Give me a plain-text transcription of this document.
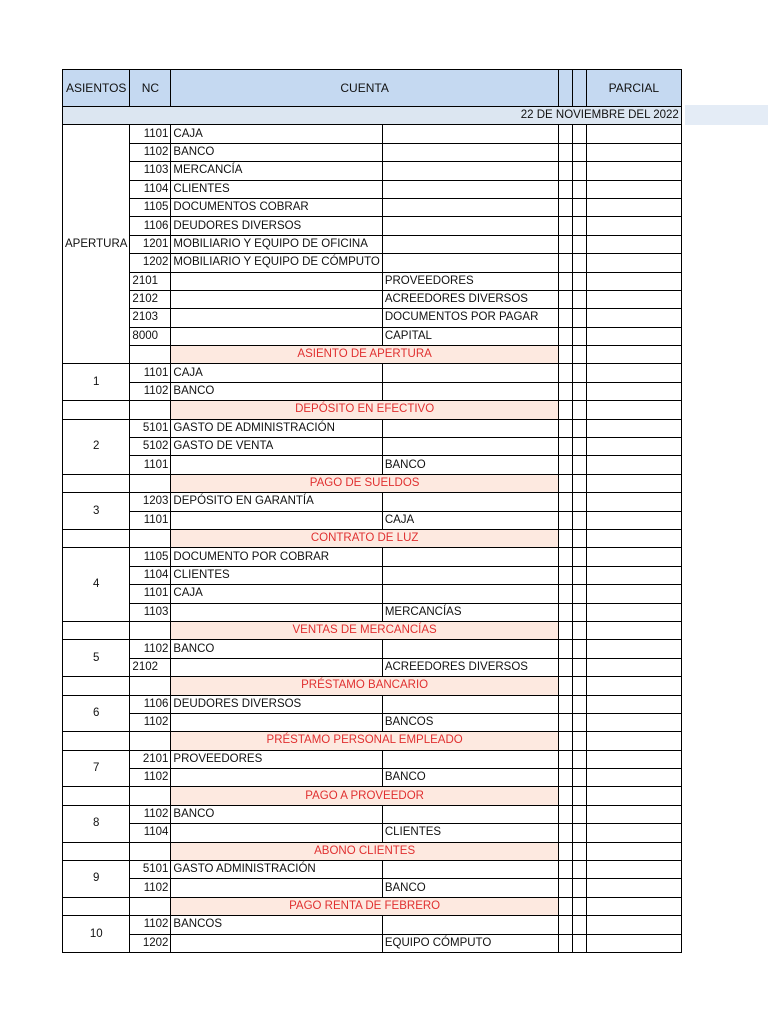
ASIENTOS	NC	CUENTA				PARCIAL
22 DE NOVIEMBRE DEL 2022						
APERTURA	1101	CAJA				
	1102	BANCO				
	1103	MERCANCÍA				
	1104	CLIENTES				
	1105	DOCUMENTOS COBRAR				
	1106	DEUDORES DIVERSOS				
	1201	MOBILIARIO Y EQUIPO DE OFICINA				
	1202	MOBILIARIO Y EQUIPO DE CÓMPUTO				
	2101		PROVEEDORES			
	2102		ACREEDORES DIVERSOS			
	2103		DOCUMENTOS POR PAGAR			
	8000		CAPITAL			
		ASIENTO DE APERTURA				
1	1101	CAJA				
	1102	BANCO				
		DEPÓSITO EN EFECTIVO				
2	5101	GASTO DE ADMINISTRACIÓN				
	5102	GASTO DE VENTA				
	1101		BANCO			
		PAGO DE SUELDOS				
3	1203	DEPÓSITO EN GARANTÍA				
	1101		CAJA			
		CONTRATO DE LUZ				
4	1105	DOCUMENTO POR COBRAR				
	1104	CLIENTES				
	1101	CAJA				
	1103		MERCANCÍAS			
		VENTAS DE MERCANCÍAS				
5	1102	BANCO				
	2102		ACREEDORES DIVERSOS			
		PRÉSTAMO BANCARIO				
6	1106	DEUDORES DIVERSOS				
	1102		BANCOS			
		PRÉSTAMO PERSONAL EMPLEADO				
7	2101	PROVEEDORES				
	1102		BANCO			
		PAGO A PROVEEDOR				
8	1102	BANCO				
	1104		CLIENTES			
		ABONO CLIENTES				
9	5101	GASTO ADMINISTRACIÓN				
	1102		BANCO			
		PAGO RENTA DE FEBRERO				
10	1102	BANCOS				
	1202		EQUIPO CÓMPUTO			
